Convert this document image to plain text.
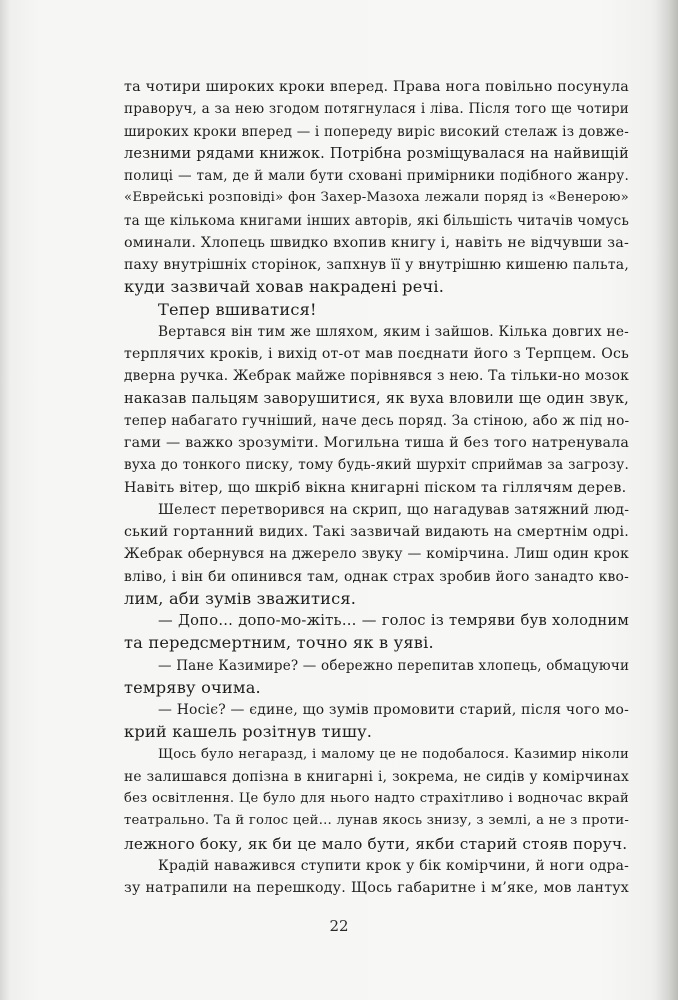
та чотири широких кроки вперед. Права нога повільно посунула
праворуч, а за нею згодом потягнулася і ліва. Після того ще чотири
широких кроки вперед — і попереду виріс високий стелаж із довже-
лезними рядами книжок. Потрібна розміщувалася на найвищій
полиці — там, де й мали бути сховані примірники подібного жанру.
«Еврейські розповіді» фон Захер-Мазоха лежали поряд із «Венерою»
та ще кількома книгами інших авторів, які більшість читачів чомусь
оминали. Хлопець швидко вхопив книгу і, навіть не відчувши за-
паху внутрішніх сторінок, запхнув її у внутрішню кишеню пальта,
куди зазвичай ховав накрадені речі.
Тепер вшиватися!
Вертався він тим же шляхом, яким і зайшов. Кілька довгих не-
терплячих кроків, і вихід от-от мав поєднати його з Терпцем. Ось
дверна ручка. Жебрак майже порівнявся з нею. Та тільки-но мозок
наказав пальцям заворушитися, як вуха вловили ще один звук,
тепер набагато гучніший, наче десь поряд. За стіною, або ж під но-
гами — важко зрозуміти. Могильна тиша й без того натренувала
вуха до тонкого писку, тому будь-який шурхіт сприймав за загрозу.
Навіть вітер, що шкріб вікна книгарні піском та гіллячям дерев.
Шелест перетворився на скрип, що нагадував затяжний люд-
ський гортанний видих. Такі зазвичай видають на смертнім одрі.
Жебрак обернувся на джерело звуку — комірчина. Лиш один крок
вліво, і він би опинився там, однак страх зробив його занадто кво-
лим, аби зумів зважитися.
— Допо… допо-мо-жіть… — голос із темряви був холодним
та передсмертним, точно як в уяві.
— Пане Казимире? — обережно перепитав хлопець, обмацуючи
темряву очима.
— Носіє? — єдине, що зумів промовити старий, після чого мо-
крий кашель розітнув тишу.
Щось було негаразд, і малому це не подобалося. Казимир ніколи
не залишався допізна в книгарні і, зокрема, не сидів у комірчинах
без освітлення. Це було для нього надто страхітливо і водночас вкрай
театрально. Та й голос цей… лунав якось знизу, з землі, а не з проти-
лежного боку, як би це мало бути, якби старий стояв поруч.
Крадій наважився ступити крок у бік комірчини, й ноги одра-
зу натрапили на перешкоду. Щось габаритне і м’яке, мов лантух
22
